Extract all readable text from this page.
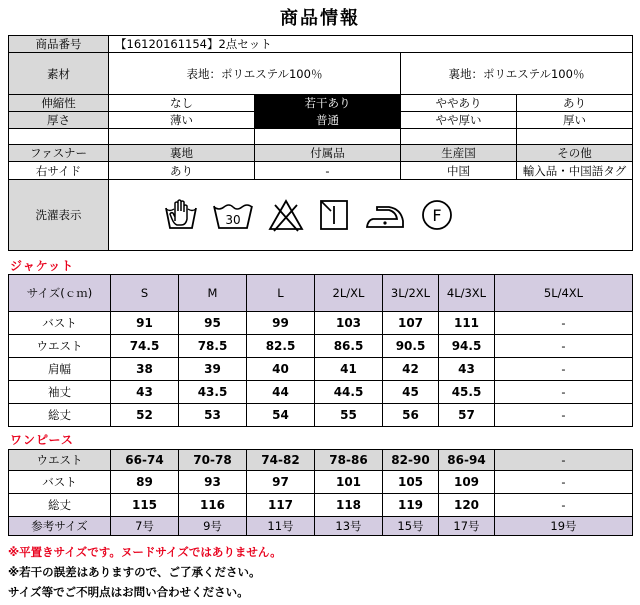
商品情報
商品番号	【16120161154】2点セット			
素材	表地：ポリエステル100％		裏地：ポリエステル100％	
伸縮性	なし	若干あり	ややあり	あり
厚さ	薄い	普通	やや厚い	厚い

ファスナー	裏地	付属品	生産国	その他
右サイド	あり	-	中国	輸入品・中国語タグ
洗濯表示	30 F			
ジャケット
サイズ(ｃｍ)	S	M	L	2L/XL	3L/2XL	4L/3XL	5L/4XL
バスト	91	95	99	103	107	111	-
ウエスト	74.5	78.5	82.5	86.5	90.5	94.5	-
肩幅	38	39	40	41	42	43	-
袖丈	43	43.5	44	44.5	45	45.5	-
総丈	52	53	54	55	56	57	-
ワンピース
ウエスト	66-74	70-78	74-82	78-86	82-90	86-94	-
バスト	89	93	97	101	105	109	-
総丈	115	116	117	118	119	120	-
参考サイズ	7号	9号	11号	13号	15号	17号	19号
※平置きサイズです。ヌードサイズではありません。
※若干の誤差はありますので、ご了承ください。
サイズ等でご不明点はお問い合わせください。
